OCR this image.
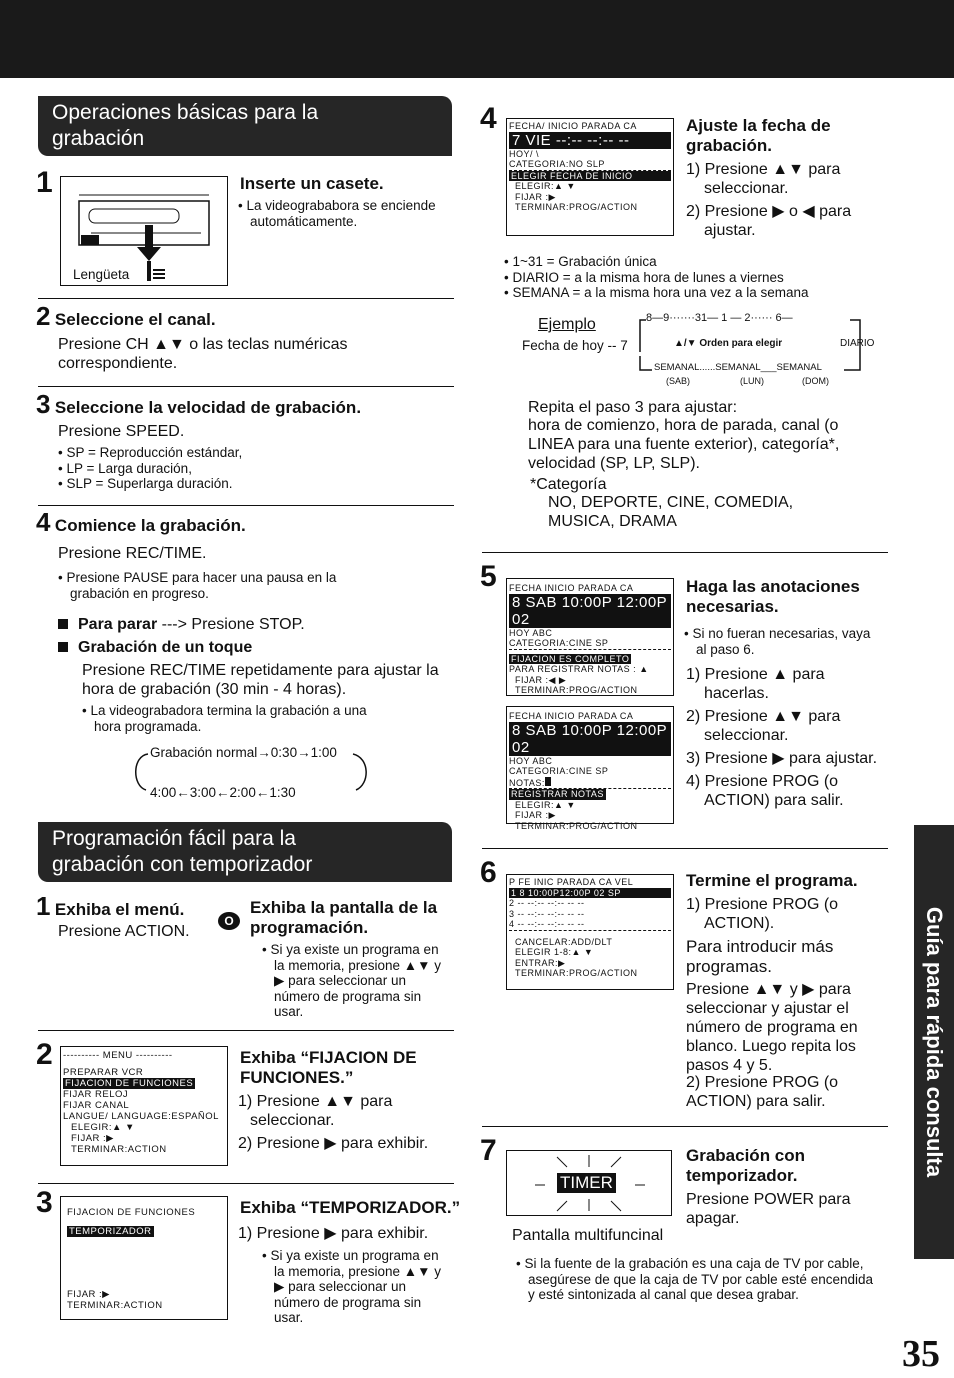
Operaciones básicas para la
grabación
1
Lengüeta
Inserte un casete.
• La videogrababora se enciende automáticamente.
2 Seleccione el canal.
Presione CH ▲▼ o las teclas numéricas correspondiente.
3 Seleccione la velocidad de grabación.
Presione SPEED.
• SP = Reproducción estándar,
• LP = Larga duración,
• SLP = Superlarga duración.
4 Comience la grabación.
Presione REC/TIME.
• Presione PAUSE para hacer una pausa en la grabación en progreso.
Para parar ---> Presione STOP.
Grabación de un toque
Presione REC/TIME repetidamente para ajustar la hora de grabación (30 min - 4 horas).
• La videograbadora termina la grabación a una hora programada.
Grabación normal→0:30→1:00
4:00←3:00←2:00←1:30
Programación fácil para la
grabación con temporizador
1 Exhiba el menú.
Presione ACTION.
O
Exhiba la pantalla de la programación.
• Si ya existe un programa en la memoria, presione ▲▼ y ▶ para seleccionar un número de programa sin usar.
2 ---------- MENU ----------
PREPARAR VCR
FIJACION DE FUNCIONES
FIJAR RELOJ
FIJAR CANAL
LANGUE/ LANGUAGE:ESPAÑOL
ELEGIR:▲ ▼
FIJAR :▶
TERMINAR:ACTION
Exhiba “FIJACION DE FUNCIONES.”
1) Presione ▲▼ para seleccionar.
2) Presione ▶ para exhibir.
3 FIJACION DE FUNCIONES
TEMPORIZADOR
FIJAR :▶
TERMINAR:ACTION
Exhiba “TEMPORIZADOR.”
1) Presione ▶ para exhibir.
• Si ya existe un programa en la memoria, presione ▲▼ y ▶ para seleccionar un número de programa sin usar.
4 FECHA/ INICIO PARADA CA
7 VIE --:-- --:-- --
HOY/ \
CATEGORIA:NO SLP
ELEGIR FECHA DE INICIO
ELEGIR:▲ ▼
FIJAR :▶
TERMINAR:PROG/ACTION
Ajuste la fecha de grabación.
1) Presione ▲▼ para seleccionar.
2) Presione ▶ o ◀ para ajustar.
• 1~31 = Grabación única
• DIARIO = a la misma hora de lunes a viernes
• SEMANA = a la misma hora una vez a la semana
Ejemplo
Fecha de hoy -- 7
8—9·······31— 1 — 2······ 6—
▲/▼ Orden para elegir	DIARIO
SEMANAL......SEMANAL___SEMANAL
(SAB)	(LUN)	(DOM)
Repita el paso 3 para ajustar:
hora de comienzo, hora de parada, canal (o LINEA para una fuente exterior), categoría*, velocidad (SP, LP, SLP).
*Categoría
NO, DEPORTE, CINE, COMEDIA, MUSICA, DRAMA
5 FECHA INICIO PARADA CA
8 SAB 10:00P 12:00P 02
HOY ABC
CATEGORIA:CINE SP
FIJACION ES COMPLETO
PARA REGISTRAR NOTAS : ▲
FIJAR :◀ ▶
TERMINAR:PROG/ACTION
FECHA INICIO PARADA CA
8 SAB 10:00P 12:00P 02
HOY ABC
CATEGORIA:CINE SP
NOTAS:
REGISTRAR NOTAS
ELEGIR:▲ ▼
FIJAR :▶
TERMINAR:PROG/ACTION
Haga las anotaciones necesarias.
• Si no fueran necesarias, vaya al paso 6.
1) Presione ▲ para hacerlas.
2) Presione ▲▼ para seleccionar.
3) Presione ▶ para ajustar.
4) Presione PROG (o ACTION) para salir.
6 P FE INIC PARADA CA VEL
1 8 10:00P12:00P 02 SP
2 -- --:-- --:-- -- --
3 -- --:-- --:-- -- --
4 -- --:-- --:-- -- --
CANCELAR:ADD/DLT
ELEGIR 1-8:▲ ▼
ENTRAR:▶
TERMINAR:PROG/ACTION
Termine el programa.
1) Presione PROG (o ACTION).
Para introducir más programas.
Presione ▲▼ y ▶ para seleccionar y ajustar el número de programa en blanco. Luego repita los pasos 4 y 5.
2) Presione PROG (o ACTION) para salir.
7
TIMER
Pantalla multifuncinal
Grabación con temporizador.
Presione POWER para apagar.
• Si la fuente de la grabación es una caja de TV por cable, asegúrese de que la caja de TV por cable esté encendida y esté sintonizada al canal que desea grabar.
Guía para rápida consulta
35
